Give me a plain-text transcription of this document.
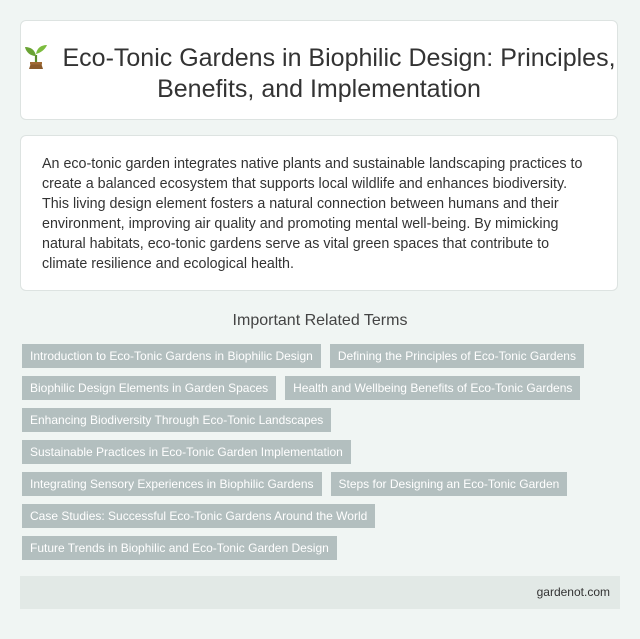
Eco-Tonic Gardens in Biophilic Design: Principles, Benefits, and Implementation

An eco-tonic garden integrates native plants and sustainable landscaping practices to create a balanced ecosystem that supports local wildlife and enhances biodiversity. This living design element fosters a natural connection between humans and their environment, improving air quality and promoting mental well-being. By mimicking natural habitats, eco-tonic gardens serve as vital green spaces that contribute to climate resilience and ecological health.

Important Related Terms
Introduction to Eco-Tonic Gardens in Biophilic Design Defining the Principles of Eco-Tonic Gardens
Biophilic Design Elements in Garden Spaces Health and Wellbeing Benefits of Eco-Tonic Gardens
Enhancing Biodiversity Through Eco-Tonic Landscapes
Sustainable Practices in Eco-Tonic Garden Implementation
Integrating Sensory Experiences in Biophilic Gardens Steps for Designing an Eco-Tonic Garden
Case Studies: Successful Eco-Tonic Gardens Around the World
Future Trends in Biophilic and Eco-Tonic Garden Design
gardenot.com
